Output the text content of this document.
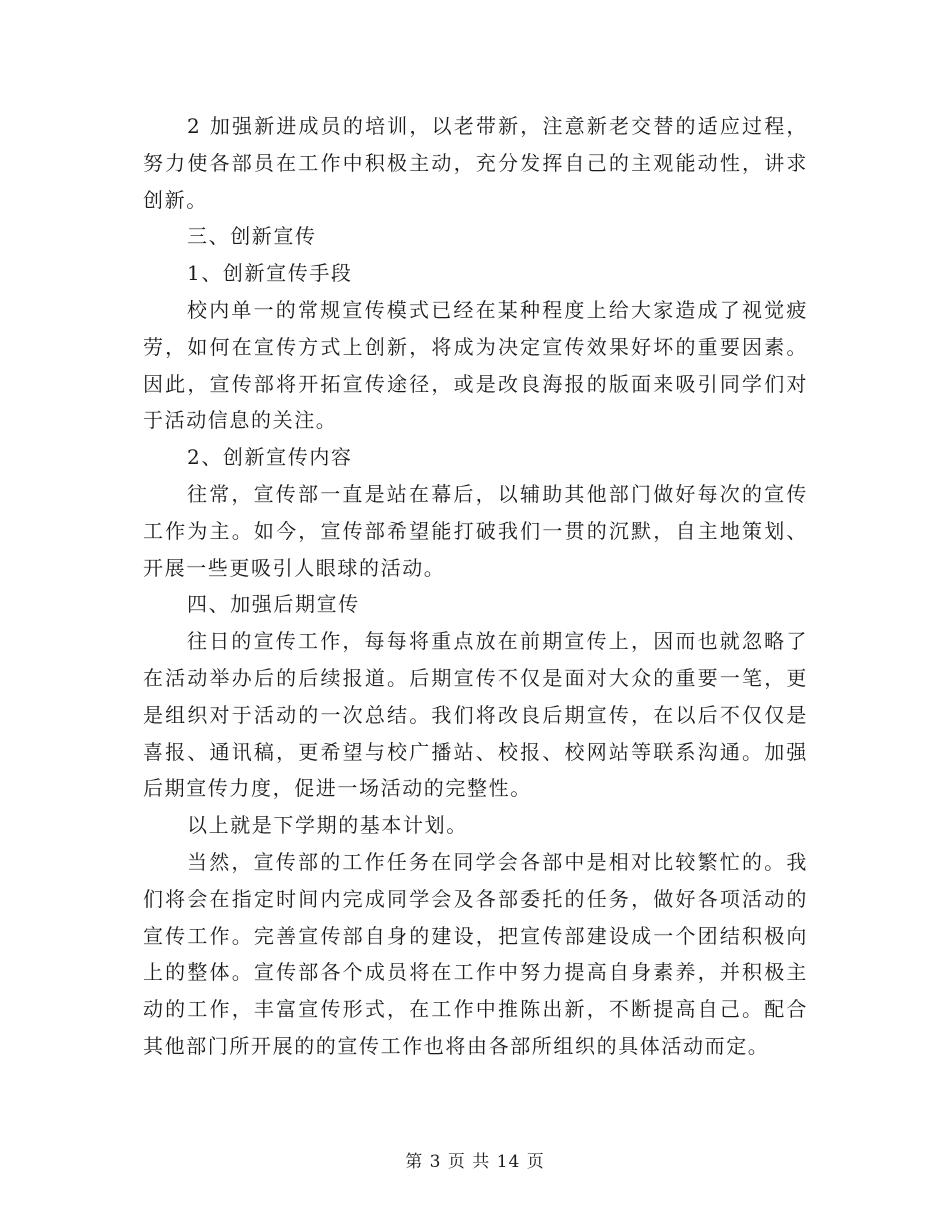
2 加强新进成员的培训，以老带新，注意新老交替的适应过程，努力使各部员在工作中积极主动，充分发挥自己的主观能动性，讲求创新。

三、创新宣传

1、创新宣传手段

校内单一的常规宣传模式已经在某种程度上给大家造成了视觉疲劳，如何在宣传方式上创新，将成为决定宣传效果好坏的重要因素。因此，宣传部将开拓宣传途径，或是改良海报的版面来吸引同学们对于活动信息的关注。

2、创新宣传内容

往常，宣传部一直是站在幕后，以辅助其他部门做好每次的宣传工作为主。如今，宣传部希望能打破我们一贯的沉默，自主地策划、开展一些更吸引人眼球的活动。

四、加强后期宣传

往日的宣传工作，每每将重点放在前期宣传上，因而也就忽略了在活动举办后的后续报道。后期宣传不仅是面对大众的重要一笔，更是组织对于活动的一次总结。我们将改良后期宣传，在以后不仅仅是喜报、通讯稿，更希望与校广播站、校报、校网站等联系沟通。加强后期宣传力度，促进一场活动的完整性。

以上就是下学期的基本计划。

当然，宣传部的工作任务在同学会各部中是相对比较繁忙的。我们将会在指定时间内完成同学会及各部委托的任务，做好各项活动的宣传工作。完善宣传部自身的建设，把宣传部建设成一个团结积极向上的整体。宣传部各个成员将在工作中努力提高自身素养，并积极主动的工作，丰富宣传形式，在工作中推陈出新，不断提高自己。配合其他部门所开展的的宣传工作也将由各部所组织的具体活动而定。

第 3 页 共 14 页
